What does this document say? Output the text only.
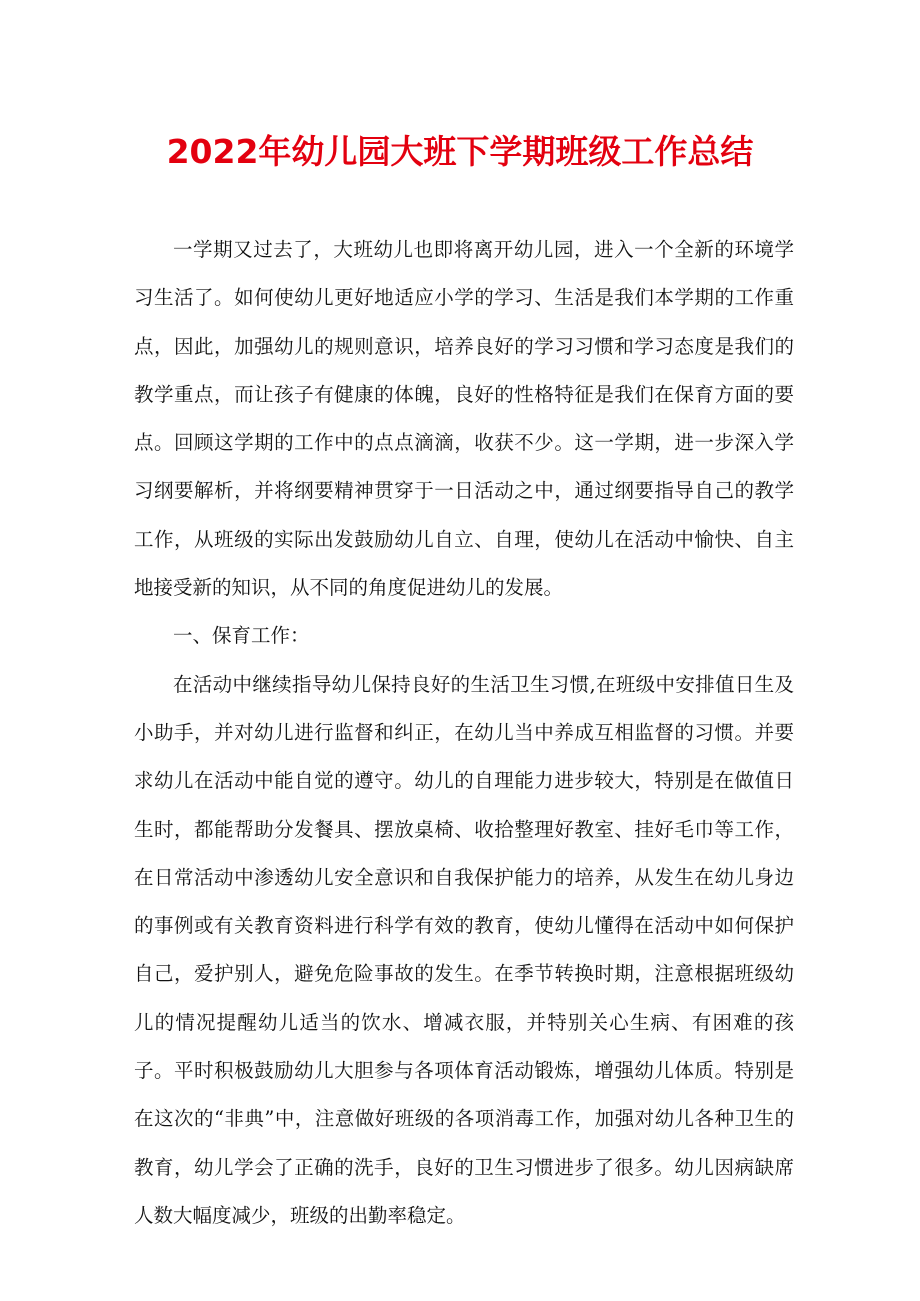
2022年幼儿园大班下学期班级工作总结

一学期又过去了，大班幼儿也即将离开幼儿园，进入一个全新的环境学习生活了。如何使幼儿更好地适应小学的学习、生活是我们本学期的工作重点，因此，加强幼儿的规则意识，培养良好的学习习惯和学习态度是我们的教学重点，而让孩子有健康的体魄，良好的性格特征是我们在保育方面的要点。回顾这学期的工作中的点点滴滴，收获不少。这一学期，进一步深入学习纲要解析，并将纲要精神贯穿于一日活动之中，通过纲要指导自己的教学工作，从班级的实际出发鼓励幼儿自立、自理，使幼儿在活动中愉快、自主地接受新的知识，从不同的角度促进幼儿的发展。

一、保育工作：

在活动中继续指导幼儿保持良好的生活卫生习惯,在班级中安排值日生及小助手，并对幼儿进行监督和纠正，在幼儿当中养成互相监督的习惯。并要求幼儿在活动中能自觉的遵守。幼儿的自理能力进步较大，特别是在做值日生时，都能帮助分发餐具、摆放桌椅、收拾整理好教室、挂好毛巾等工作，在日常活动中渗透幼儿安全意识和自我保护能力的培养，从发生在幼儿身边的事例或有关教育资料进行科学有效的教育，使幼儿懂得在活动中如何保护自己，爱护别人，避免危险事故的发生。在季节转换时期，注意根据班级幼儿的情况提醒幼儿适当的饮水、增减衣服，并特别关心生病、有困难的孩子。平时积极鼓励幼儿大胆参与各项体育活动锻炼，增强幼儿体质。特别是在这次的“非典”中，注意做好班级的各项消毒工作，加强对幼儿各种卫生的教育，幼儿学会了正确的洗手，良好的卫生习惯进步了很多。幼儿因病缺席人数大幅度减少，班级的出勤率稳定。
